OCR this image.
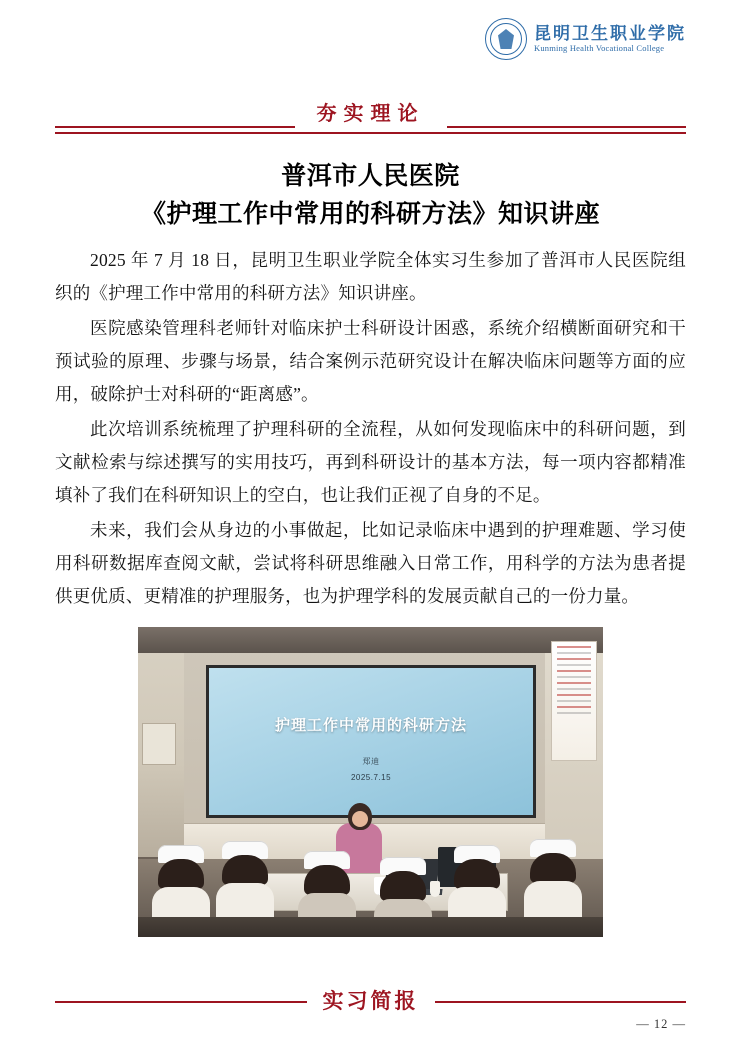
昆明卫生职业学院
Kunming Health Vocational College
夯实理论
普洱市人民医院
《护理工作中常用的科研方法》知识讲座

2025 年 7 月 18 日，昆明卫生职业学院全体实习生参加了普洱市人民医院组织的《护理工作中常用的科研方法》知识讲座。

医院感染管理科老师针对临床护士科研设计困惑，系统介绍横断面研究和干预试验的原理、步骤与场景，结合案例示范研究设计在解决临床问题等方面的应用，破除护士对科研的“距离感”。

此次培训系统梳理了护理科研的全流程，从如何发现临床中的科研问题，到文献检索与综述撰写的实用技巧，再到科研设计的基本方法，每一项内容都精准填补了我们在科研知识上的空白，也让我们正视了自身的不足。

未来，我们会从身边的小事做起，比如记录临床中遇到的护理难题、学习使用科研数据库查阅文献，尝试将科研思维融入日常工作，用科学的方法为患者提供更优质、更精准的护理服务，也为护理学科的发展贡献自己的一份力量。

护理工作中常用的科研方法
郑迪
2025.7.15
实习简报
— 12 —
